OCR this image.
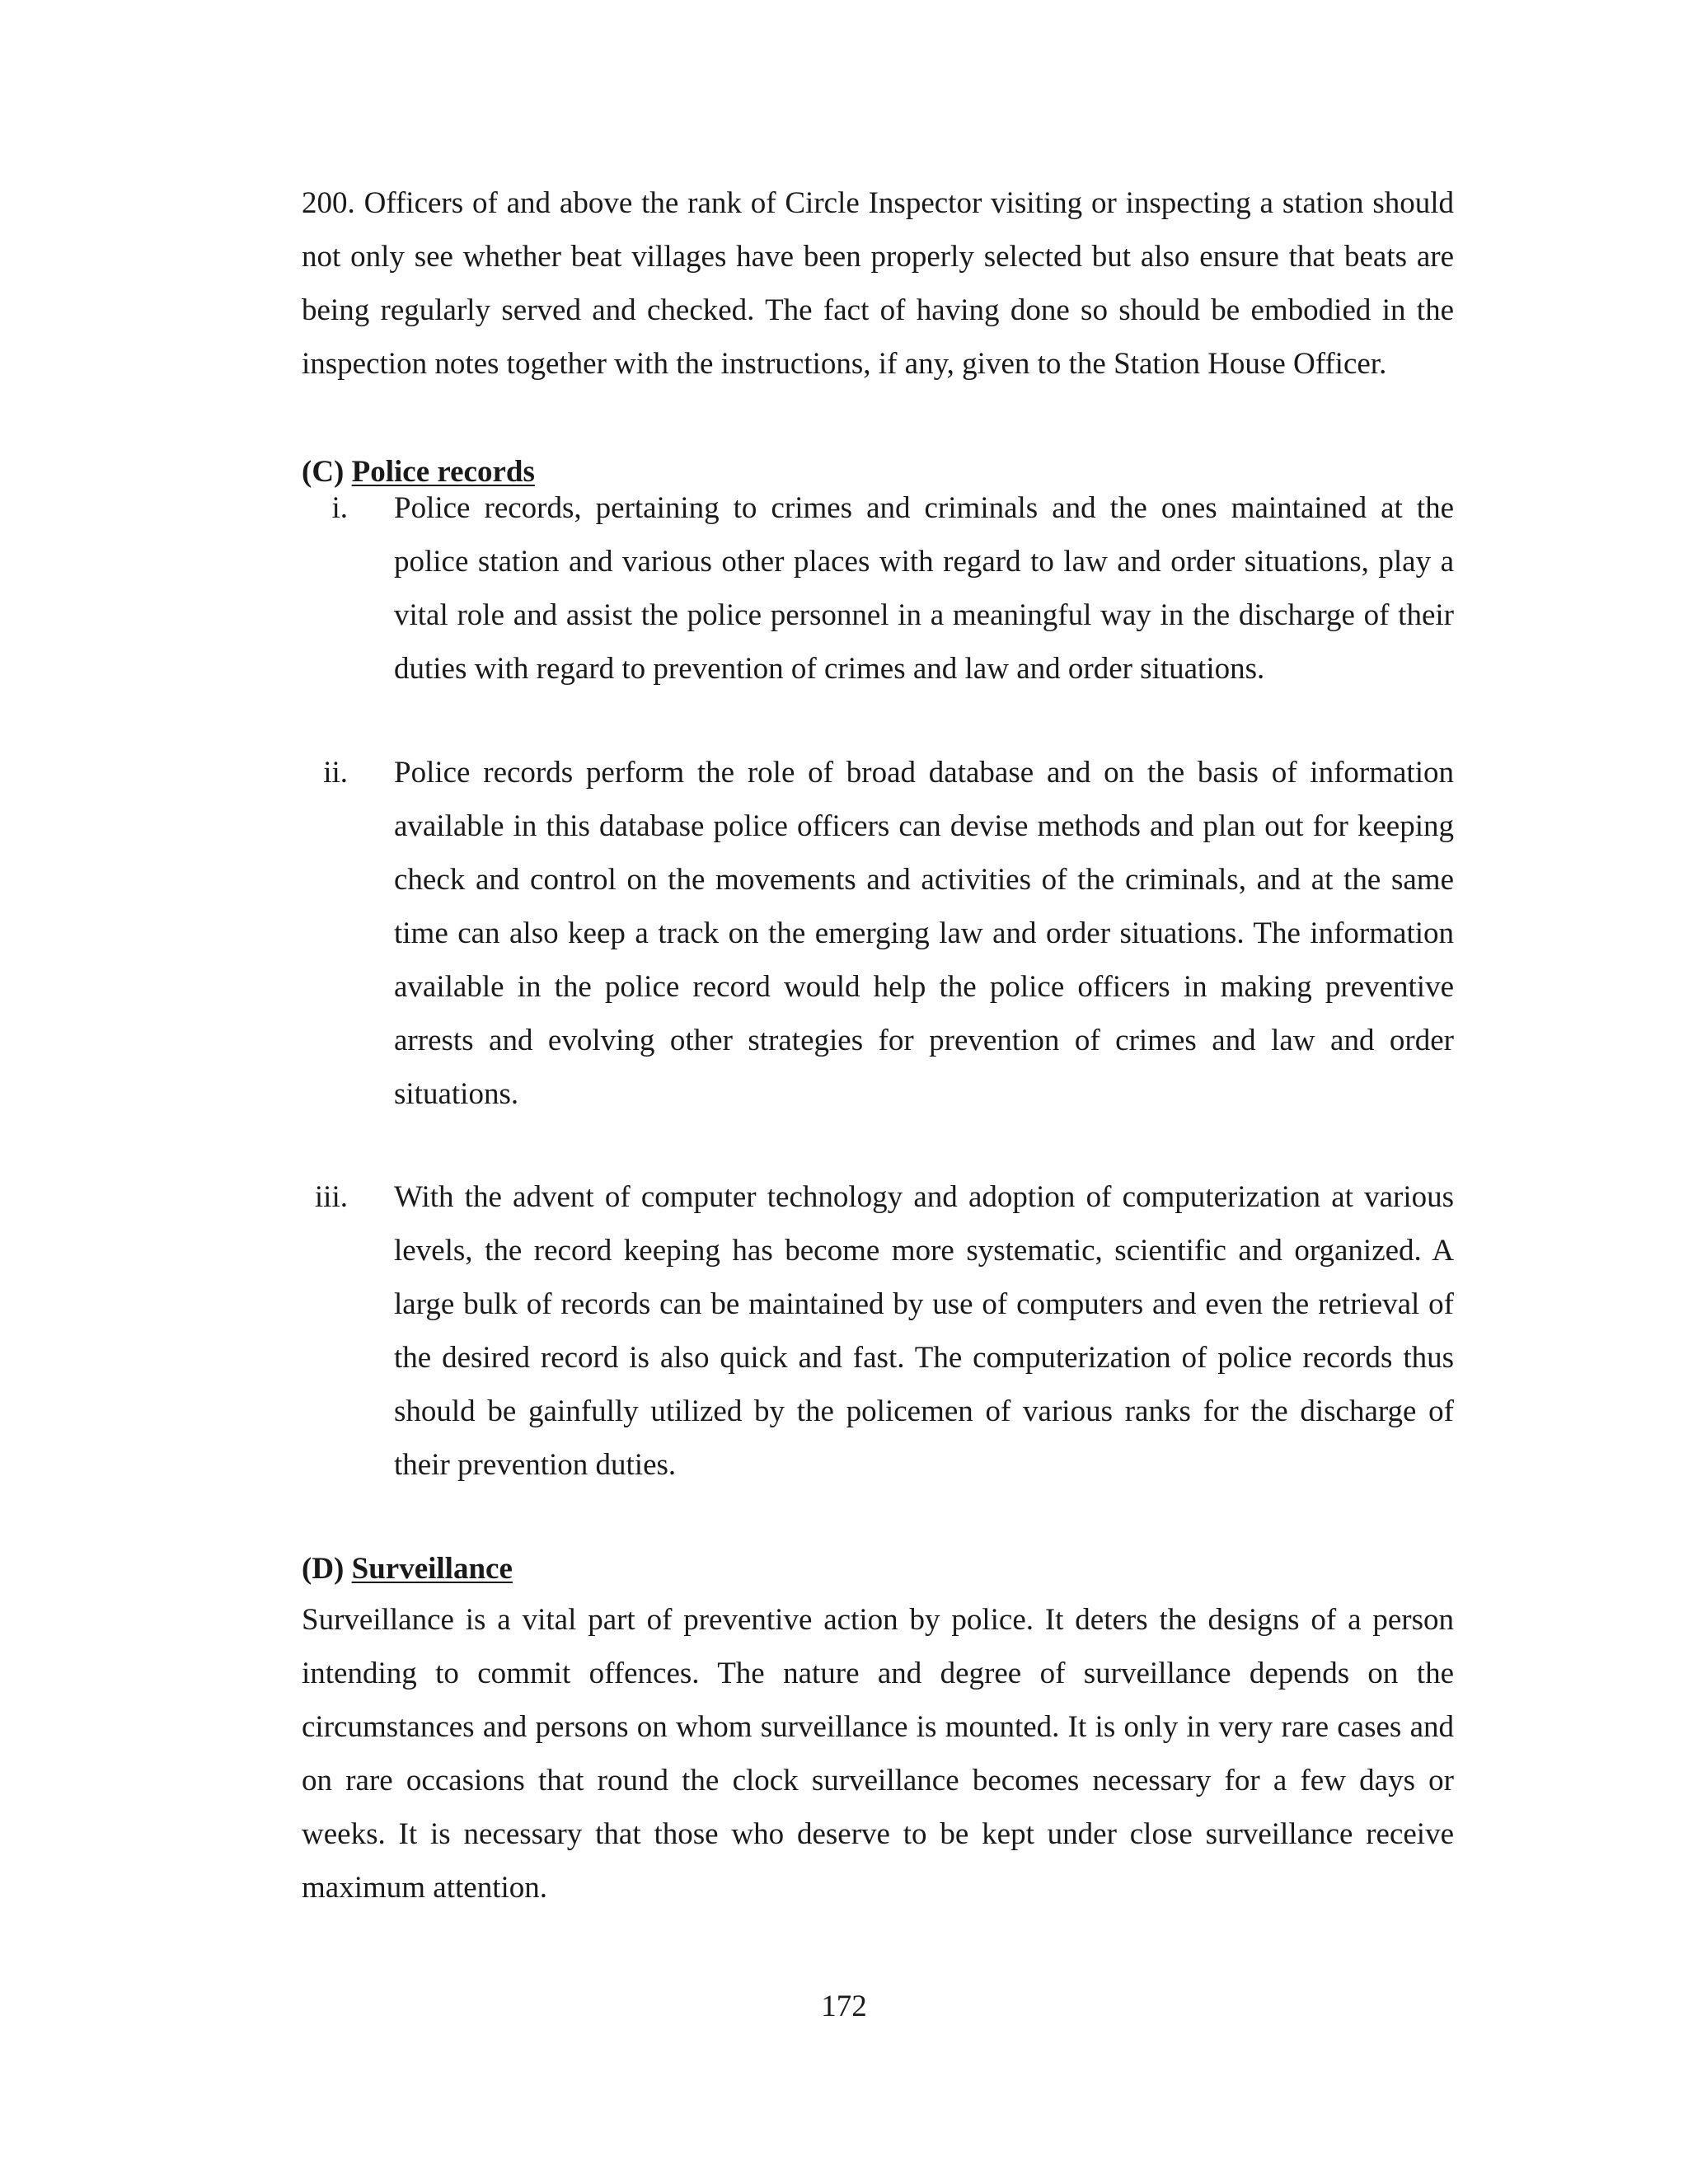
200. Officers of and above the rank of Circle Inspector visiting or inspecting a station should not only see whether beat villages have been properly selected but also ensure that beats are being regularly served and checked. The fact of having done so should be embodied in the inspection notes together with the instructions, if any, given to the Station House Officer.

(C) Police records

i. Police records, pertaining to crimes and criminals and the ones maintained at the police station and various other places with regard to law and order situations, play a vital role and assist the police personnel in a meaningful way in the discharge of their duties with regard to prevention of crimes and law and order situations.

ii. Police records perform the role of broad database and on the basis of information available in this database police officers can devise methods and plan out for keeping check and control on the movements and activities of the criminals, and at the same time can also keep a track on the emerging law and order situations. The information available in the police record would help the police officers in making preventive arrests and evolving other strategies for prevention of crimes and law and order situations.

iii. With the advent of computer technology and adoption of computerization at various levels, the record keeping has become more systematic, scientific and organized. A large bulk of records can be maintained by use of computers and even the retrieval of the desired record is also quick and fast. The computerization of police records thus should be gainfully utilized by the policemen of various ranks for the discharge of their prevention duties.

(D) Surveillance

Surveillance is a vital part of preventive action by police. It deters the designs of a person intending to commit offences. The nature and degree of surveillance depends on the circumstances and persons on whom surveillance is mounted. It is only in very rare cases and on rare occasions that round the clock surveillance becomes necessary for a few days or weeks. It is necessary that those who deserve to be kept under close surveillance receive maximum attention.

172
